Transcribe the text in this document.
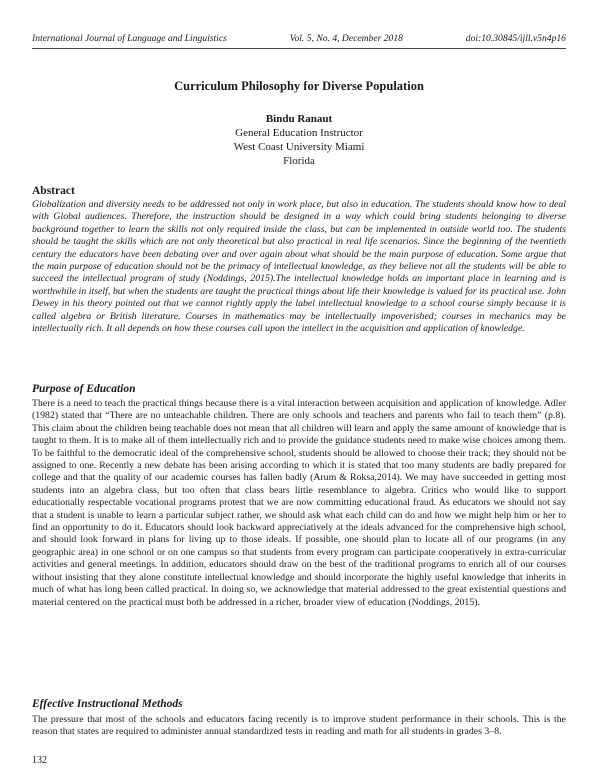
International Journal of Language and Linguistics	Vol. 5, No. 4, December 2018	doi:10.30845/ijll.v5n4p16
Curriculum Philosophy for Diverse Population
Bindu Ranaut
General Education Instructor
West Coast University Miami
Florida
Abstract

Globalization and diversity needs to be addressed not only in work place, but also in education. The students should know how to deal with Global audiences. Therefore, the instruction should be designed in a way which could bring students belonging to diverse background together to learn the skills not only required inside the class, but can be implemented in outside world too. The students should be taught the skills which are not only theoretical but also practical in real life scenarios. Since the beginning of the twentieth century the educators have been debating over and over again about what should be the main purpose of education. Some argue that the main purpose of education should not be the primacy of intellectual knowledge, as they believe not all the students will be able to succeed the intellectual program of study (Noddings, 2015).The intellectual knowledge holds an important place in learning and is worthwhile in itself, but when the students are taught the practical things about life their knowledge is valued for its practical use. John Dewey in his theory pointed out that we cannot rightly apply the label intellectual knowledge to a school course simply because it is called algebra or British literature. Courses in mathematics may be intellectually impoverished; courses in mechanics may be intellectually rich. It all depends on how these courses call upon the intellect in the acquisition and application of knowledge.

Purpose of Education

There is a need to teach the practical things because there is a vital interaction between acquisition and application of knowledge. Adler (1982) stated that “There are no unteachable children. There are only schools and teachers and parents who fail to teach them” (p.8). This claim about the children being teachable does not mean that all children will learn and apply the same amount of knowledge that is taught to them. It is to make all of them intellectually rich and to provide the guidance students need to make wise choices among them. To be faithful to the democratic ideal of the comprehensive school, students should be allowed to choose their track; they should not be assigned to one. Recently a new debate has been arising according to which it is stated that too many students are badly prepared for college and that the quality of our academic courses has fallen badly (Arum & Roksa,2014). We may have succeeded in getting most students into an algebra class, but too often that class bears little resemblance to algebra. Critics who would like to support educationally respectable vocational programs protest that we are now committing educational fraud. As educators we should not say that a student is unable to learn a particular subject rather, we should ask what each child can do and how we might help him or her to find an opportunity to do it. Educators should look backward appreciatively at the ideals advanced for the comprehensive high school, and should look forward in plans for living up to those ideals. If possible, one should plan to locate all of our programs (in any geographic area) in one school or on one campus so that students from every program can participate cooperatively in extra-curricular activities and general meetings. In addition, educators should draw on the best of the traditional programs to enrich all of our courses without insisting that they alone constitute intellectual knowledge and should incorporate the highly useful knowledge that inherits in much of what has long been called practical. In doing so, we acknowledge that material addressed to the great existential questions and material centered on the practical must both be addressed in a richer, broader view of education (Noddings, 2015).

Effective Instructional Methods

The pressure that most of the schools and educators facing recently is to improve student performance in their schools. This is the reason that states are required to administer annual standardized tests in reading and math for all students in grades 3–8.

132
